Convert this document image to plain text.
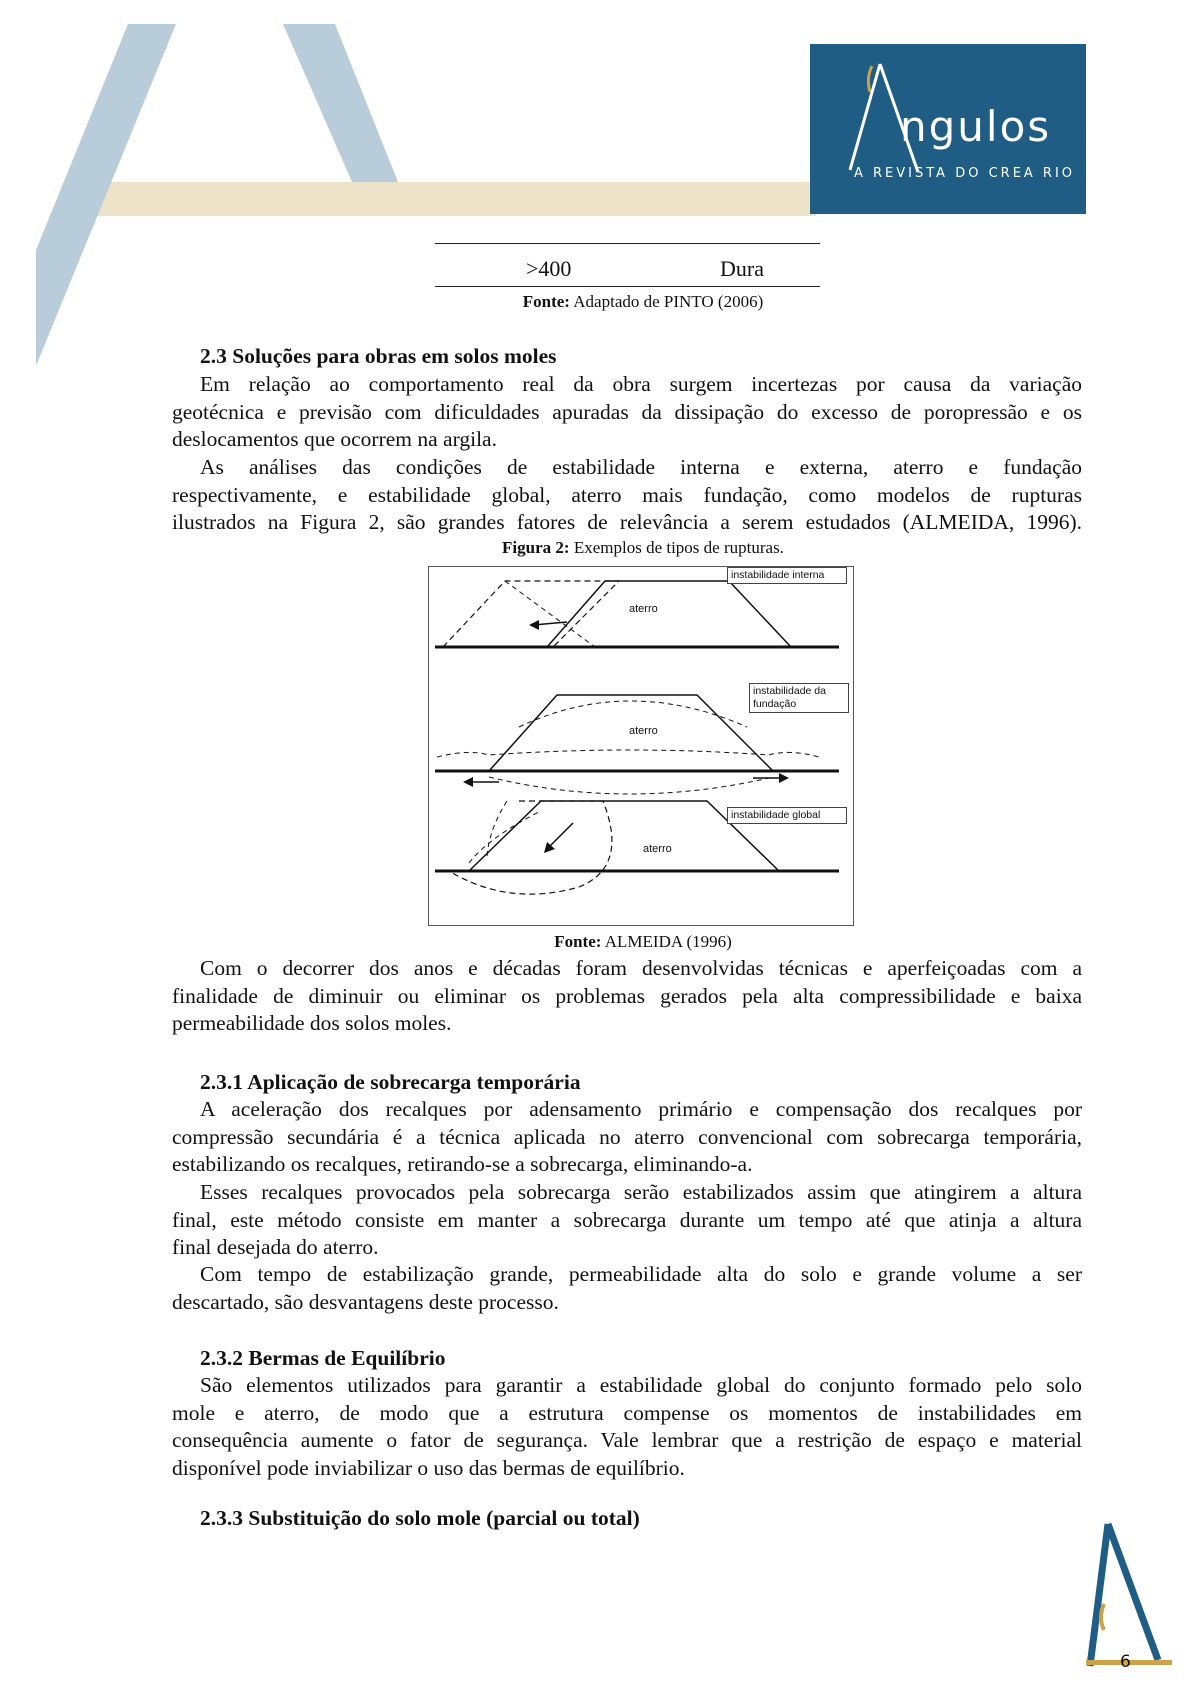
ngulos
A REVISTA DO CREA RIO
>400	Dura
Fonte: Adaptado de PINTO (2006)
2.3 Soluções para obras em solos moles
Em relação ao comportamento real da obra surgem incertezas por causa da variação
geotécnica e previsão com dificuldades apuradas da dissipação do excesso de poropressão e os
deslocamentos que ocorrem na argila.
As análises das condições de estabilidade interna e externa, aterro e fundação
respectivamente, e estabilidade global, aterro mais fundação, como modelos de rupturas
ilustrados na Figura 2, são grandes fatores de relevância a serem estudados (ALMEIDA, 1996).
Figura 2: Exemplos de tipos de rupturas.
aterro
aterro
aterro
instabilidade interna
instabilidade da
fundação
instabilidade global
Fonte: ALMEIDA (1996)
Com o decorrer dos anos e décadas foram desenvolvidas técnicas e aperfeiçoadas com a
finalidade de diminuir ou eliminar os problemas gerados pela alta compressibilidade e baixa
permeabilidade dos solos moles.
2.3.1 Aplicação de sobrecarga temporária
A aceleração dos recalques por adensamento primário e compensação dos recalques por
compressão secundária é a técnica aplicada no aterro convencional com sobrecarga temporária,
estabilizando os recalques, retirando-se a sobrecarga, eliminando-a.
Esses recalques provocados pela sobrecarga serão estabilizados assim que atingirem a altura
final, este método consiste em manter a sobrecarga durante um tempo até que atinja a altura
final desejada do aterro.
Com tempo de estabilização grande, permeabilidade alta do solo e grande volume a ser
descartado, são desvantagens deste processo.
2.3.2 Bermas de Equilíbrio
São elementos utilizados para garantir a estabilidade global do conjunto formado pelo solo
mole e aterro, de modo que a estrutura compense os momentos de instabilidades em
consequência aumente o fator de segurança. Vale lembrar que a restrição de espaço e material
disponível pode inviabilizar o uso das bermas de equilíbrio.
2.3.3 Substituição do solo mole (parcial ou total)
6
